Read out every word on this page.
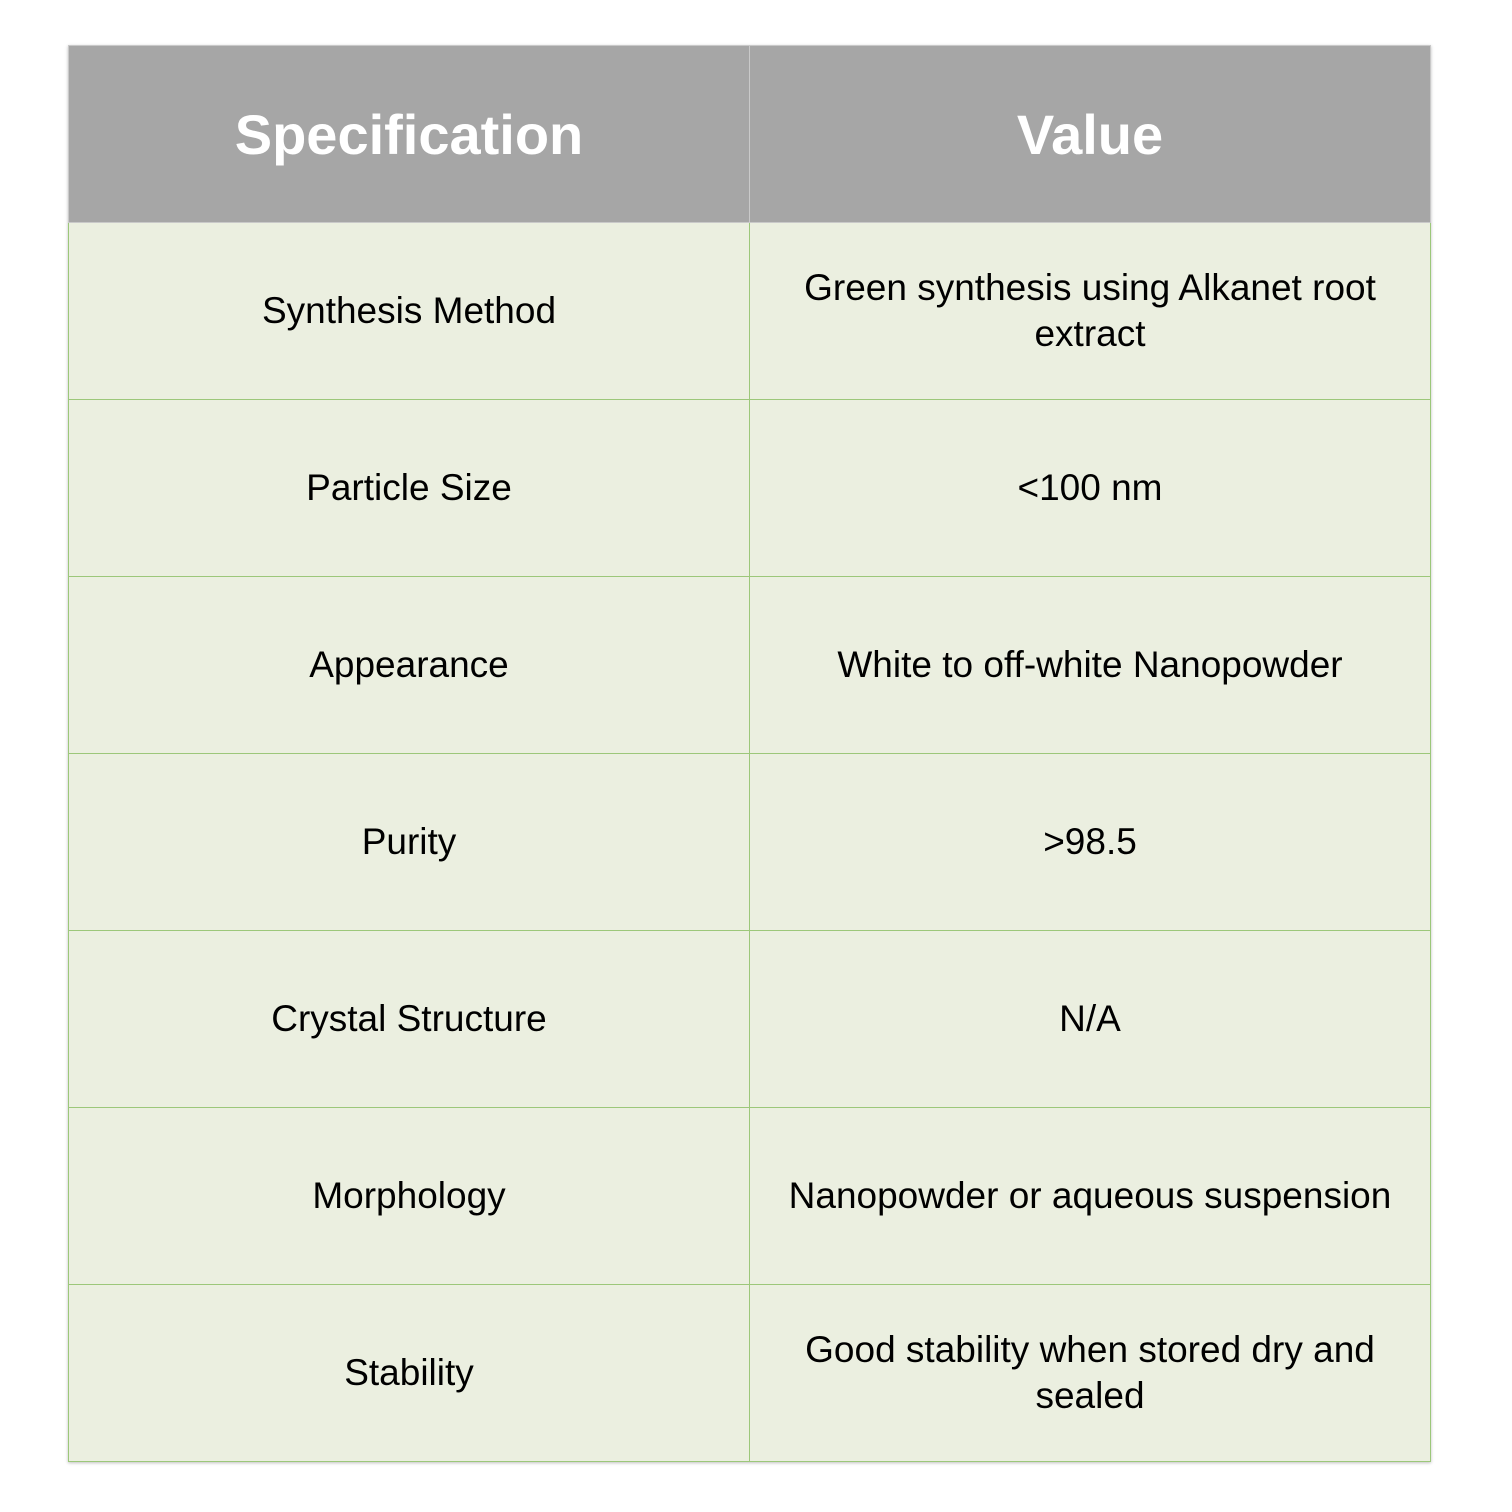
Specification	Value
Synthesis Method	Green synthesis using Alkanet root extract
Particle Size	<100 nm
Appearance	White to off-white Nanopowder
Purity	>98.5
Crystal Structure	N/A
Morphology	Nanopowder or aqueous suspension
Stability	Good stability when stored dry and sealed
